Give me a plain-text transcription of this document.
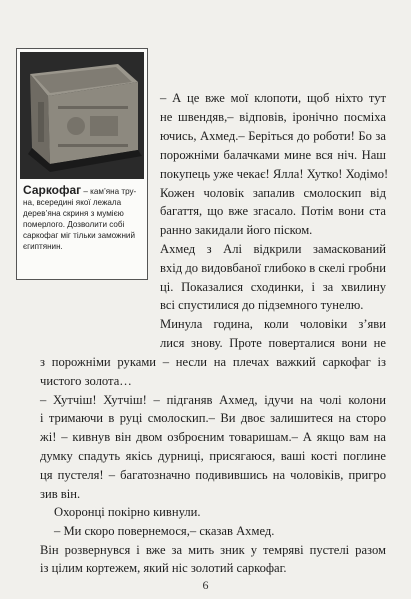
Саркофаг – кам’яна труна, всередині якої лежала дерев’яна скриня з мумією померлого. Дозволити собі саркофаг міг тільки заможний єгиптянин.
– А це вже мої клопоти, щоб ніхто тут
не швендяв,– відповів, іронічно посміха
ючись, Ахмед.– Беріться до роботи! Бо за
порожніми балачками мине вся ніч. Наш
покупець уже чекає! Ялла! Хутко! Ходімо!
Кожен чоловік запалив смолоскип від
багаття, що вже згасало. Потім вони ста
ранно закидали його піском.
Ахмед з Алі відкрили замаскований
вхід до видовбаної глибоко в скелі гробни
ці. Показалися сходинки, і за хвилину
всі спустилися до підземного тунелю.
Минула година, коли чоловіки з’яви
лися знову. Проте поверталися вони не
з порожніми руками – несли на плечах важкий саркофаг із
чистого золота…
– Хутчіш! Хутчіш! – підганяв Ахмед, ідучи на чолі колони
і тримаючи в руці смолоскип.– Ви двоє залишитеся на сторо
жі! – кивнув він двом озброєним товаришам.– А якщо вам на
думку спадуть якісь дурниці, присягаюся, ваші кості поглине
ця пустеля! – багатозначно подивившись на чоловіків, пригро
зив він.
Охоронці покірно кивнули.
– Ми скоро повернемося,– сказав Ахмед.
Він розвернувся і вже за мить зник у темряві пустелі разом
із цілим кортежем, який ніс золотий саркофаг.
6
